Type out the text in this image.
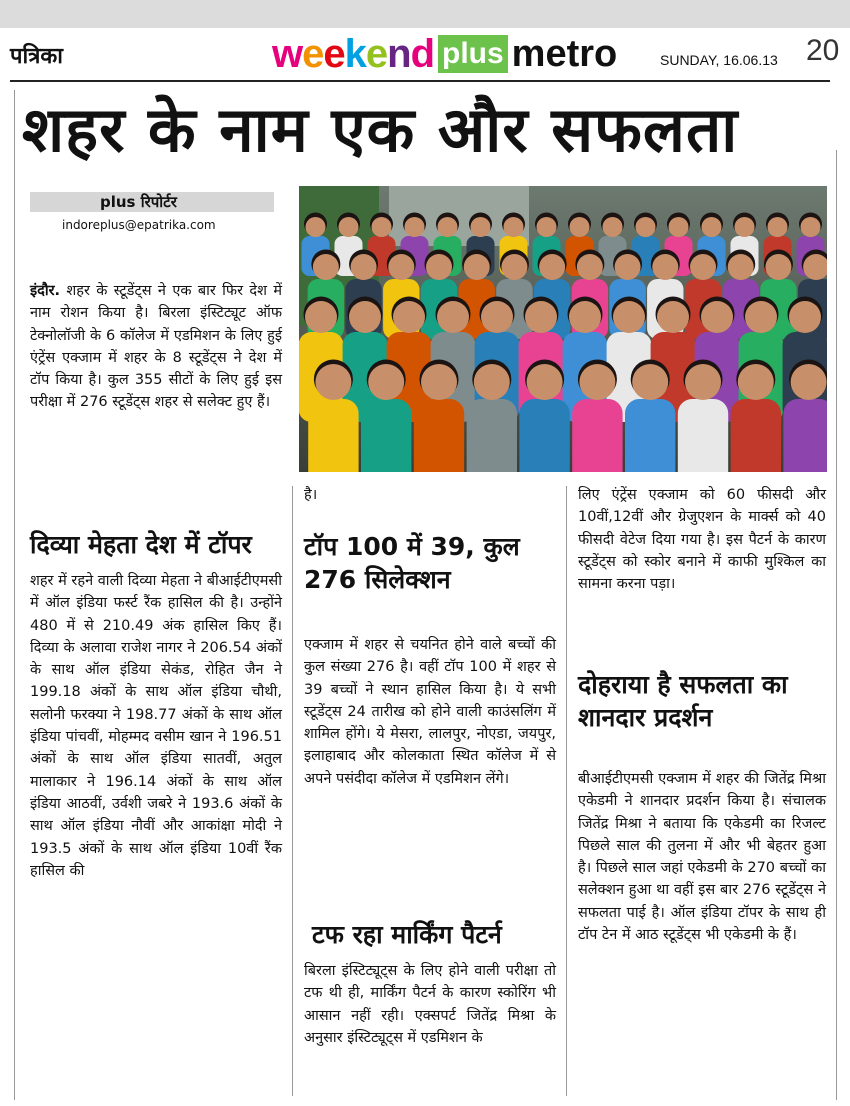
पत्रिका	weekend plus metro	SUNDAY, 16.06.13 20
शहर के नाम एक और सफलता
plus रिपोर्टर
indoreplus@epatrika.com
इंदौर. शहर के स्टूडेंट्स ने एक बार फिर देश में नाम रोशन किया है। बिरला इंस्टिट्यूट ऑफ टेक्नोलॉजी के 6 कॉलेज में एडमिशन के लिए हुई एंट्रेंस एक्जाम में शहर के 8 स्टूडेंट्स ने देश में टॉप किया है। कुल 355 सीटों के लिए हुई इस परीक्षा में 276 स्टूडेंट्स शहर से सलेक्ट हुए हैं।
दिव्या मेहता देश में टॉपर
शहर में रहने वाली दिव्या मेहता ने बीआईटीएमसी में ऑल इंडिया फर्स्ट रैंक हासिल की है। उन्होंने 480 में से 210.49 अंक हासिल किए हैं। दिव्या के अलावा राजेश नागर ने 206.54 अंकों के साथ ऑल इंडिया सेकंड, रोहित जैन ने 199.18 अंकों के साथ ऑल इंडिया चौथी, सलोनी फरक्या ने 198.77 अंकों के साथ ऑल इंडिया पांचवीं, मोहम्मद वसीम खान ने 196.51 अंकों के साथ ऑल इंडिया सातवीं, अतुल मालाकार ने 196.14 अंकों के साथ ऑल इंडिया आठवीं, उर्वशी जबरे ने 193.6 अंकों के साथ ऑल इंडिया नौवीं और आकांक्षा मोदी ने 193.5 अंकों के साथ ऑल इंडिया 10वीं रैंक हासिल की
है।
टॉप 100 में 39, कुल 276 सिलेक्शन
एक्जाम में शहर से चयनित होने वाले बच्चों की कुल संख्या 276 है। वहीं टॉप 100 में शहर से 39 बच्चों ने स्थान हासिल किया है। ये सभी स्टूडेंट्स 24 तारीख को होने वाली काउंसलिंग में शामिल होंगे। ये मेसरा, लालपुर, नोएडा, जयपुर, इलाहाबाद और कोलकाता स्थित कॉलेज में से अपने पसंदीदा कॉलेज में एडमिशन लेंगे।
टफ रहा मार्किंग पैटर्न
बिरला इंस्टिट्यूट्स के लिए होने वाली परीक्षा तो टफ थी ही, मार्किंग पैटर्न के कारण स्कोरिंग भी आसान नहीं रही। एक्सपर्ट जितेंद्र मिश्रा के अनुसार इंस्टिट्यूट्स में एडमिशन के
लिए एंट्रेंस एक्जाम को 60 फीसदी और 10वीं,12वीं और ग्रेजुएशन के मार्क्स को 40 फीसदी वेटेज दिया गया है। इस पैटर्न के कारण स्टूडेंट्स को स्कोर बनाने में काफी मुश्किल का सामना करना पड़ा।
दोहराया है सफलता का शानदार प्रदर्शन
बीआईटीएमसी एक्जाम में शहर की जितेंद्र मिश्रा एकेडमी ने शानदार प्रदर्शन किया है। संचालक जितेंद्र मिश्रा ने बताया कि एकेडमी का रिजल्ट पिछले साल की तुलना में और भी बेहतर हुआ है। पिछले साल जहां एकेडमी के 270 बच्चों का सलेक्शन हुआ था वहीं इस बार 276 स्टूडेंट्स ने सफलता पाई है। ऑल इंडिया टॉपर के साथ ही टॉप टेन में आठ स्टूडेंट्स भी एकेडमी के हैं।
